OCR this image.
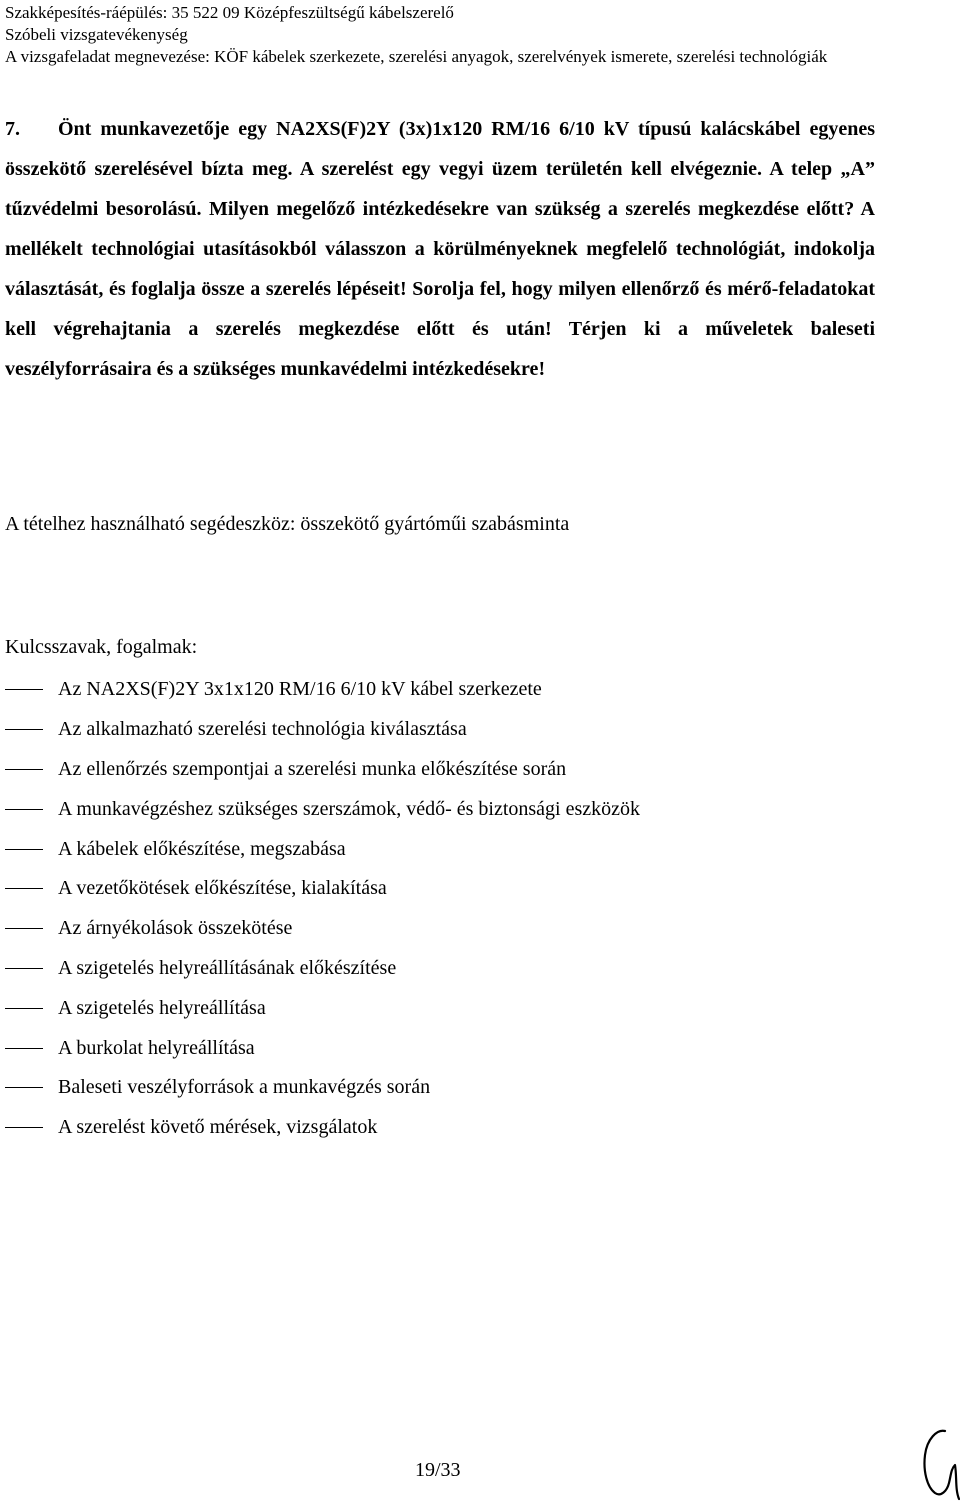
Szakképesítés-ráépülés: 35 522 09 Középfeszültségű kábelszerelő
Szóbeli vizsgatevékenység
A vizsgafeladat megnevezése: KÖF kábelek szerkezete, szerelési anyagok, szerelvények ismerete, szerelési technológiák
7. Önt munkavezetője egy NA2XS(F)2Y (3x)1x120 RM/16 6/10 kV típusú kalácskábel egyenes összekötő szerelésével bízta meg. A szerelést egy vegyi üzem területén kell elvégeznie. A telep „A” tűzvédelmi besorolású. Milyen megelőző intézkedésekre van szükség a szerelés megkezdése előtt? A mellékelt technológiai utasításokból válasszon a körülményeknek megfelelő technológiát, indokolja választását, és foglalja össze a szerelés lépéseit! Sorolja fel, hogy milyen ellenőrző és mérő-feladatokat kell végrehajtania a szerelés megkezdése előtt és után! Térjen ki a műveletek baleseti veszélyforrásaira és a szükséges munkavédelmi intézkedésekre!
A tételhez használható segédeszköz: összekötő gyártóműi szabásminta
Kulcsszavak, fogalmak:
Az NA2XS(F)2Y 3x1x120 RM/16 6/10 kV kábel szerkezete
Az alkalmazható szerelési technológia kiválasztása
Az ellenőrzés szempontjai a szerelési munka előkészítése során
A munkavégzéshez szükséges szerszámok, védő- és biztonsági eszközök
A kábelek előkészítése, megszabása
A vezetőkötések előkészítése, kialakítása
Az árnyékolások összekötése
A szigetelés helyreállításának előkészítése
A szigetelés helyreállítása
A burkolat helyreállítása
Baleseti veszélyforrások a munkavégzés során
A szerelést követő mérések, vizsgálatok
19/33
